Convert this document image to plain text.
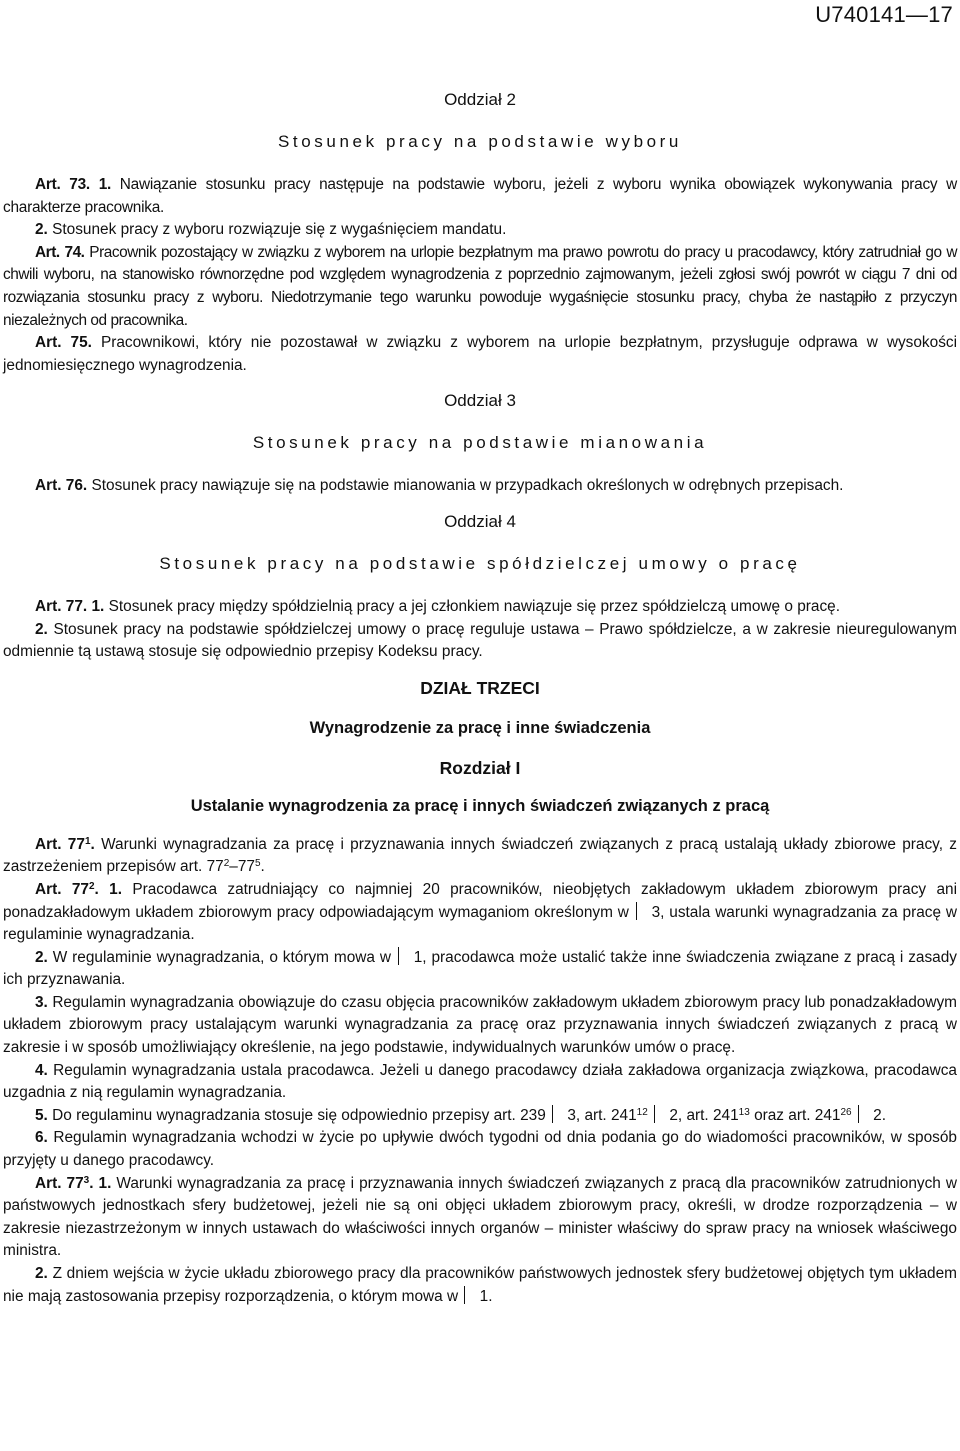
U740141—17

Oddział 2

Stosunek pracy na podstawie wyboru

Art. 73. 1. Nawiązanie stosunku pracy następuje na podstawie wyboru, jeżeli z wyboru wynika obowiązek wykonywania pracy w charakterze pracownika.

2. Stosunek pracy z wyboru rozwiązuje się z wygaśnięciem mandatu.

Art. 74. Pracownik pozostający w związku z wyborem na urlopie bezpłatnym ma prawo powrotu do pracy u pracodawcy, który zatrudniał go w chwili wyboru, na stanowisko równorzędne pod względem wynagrodzenia z poprzednio zajmowanym, jeżeli zgłosi swój powrót w ciągu 7 dni od rozwiązania stosunku pracy z wyboru. Niedotrzymanie tego warunku powoduje wygaśnięcie stosunku pracy, chyba że nastąpiło z przyczyn niezależnych od pracownika.

Art. 75. Pracownikowi, który nie pozostawał w związku z wyborem na urlopie bezpłatnym, przysługuje odprawa w wysokości jednomiesięcznego wynagrodzenia.

Oddział 3

Stosunek pracy na podstawie mianowania

Art. 76. Stosunek pracy nawiązuje się na podstawie mianowania w przypadkach określonych w odrębnych przepisach.

Oddział 4

Stosunek pracy na podstawie spółdzielczej umowy o pracę

Art. 77. 1. Stosunek pracy między spółdzielnią pracy a jej członkiem nawiązuje się przez spółdzielczą umowę o pracę.

2. Stosunek pracy na podstawie spółdzielczej umowy o pracę reguluje ustawa – Prawo spółdzielcze, a w zakresie nieuregulowanym odmiennie tą ustawą stosuje się odpowiednio przepisy Kodeksu pracy.

DZIAŁ TRZECI

Wynagrodzenie za pracę i inne świadczenia

Rozdział I

Ustalanie wynagrodzenia za pracę i innych świadczeń związanych z pracą

Art. $77^1$. Warunki wynagradzania za pracę i przyznawania innych świadczeń związanych z pracą ustalają układy zbiorowe pracy, z zastrzeżeniem przepisów art. $77^2-77^5$.

Art. $77^2$. 1. Pracodawca zatrudniający co najmniej 20 pracowników, nieobjętych zakładowym układem zbiorowym pracy ani ponadzakładowym układem zbiorowym pracy odpowiadającym wymaganiom określonym w 3, ustala warunki wynagradzania za pracę w regulaminie wynagradzania.

2. W regulaminie wynagradzania, o którym mowa w 1, pracodawca może ustalić także inne świadczenia związane z pracą i zasady ich przyznawania.

3. Regulamin wynagradzania obowiązuje do czasu objęcia pracowników zakładowym układem zbiorowym pracy lub ponadzakładowym układem zbiorowym pracy ustalającym warunki wynagradzania za pracę oraz przyznawania innych świadczeń związanych z pracą w zakresie i w sposób umożliwiający określenie, na jego podstawie, indywidualnych warunków umów o pracę.

4. Regulamin wynagradzania ustala pracodawca. Jeżeli u danego pracodawcy działa zakładowa organizacja związkowa, pracodawca uzgadnia z nią regulamin wynagradzania.

5. Do regulaminu wynagradzania stosuje się odpowiednio przepisy art. 239 3, art. $241^{12}$ 2, art. $241^{13}$ oraz art. $241^{26}$ 2.

6. Regulamin wynagradzania wchodzi w życie po upływie dwóch tygodni od dnia podania go do wiadomości pracowników, w sposób przyjęty u danego pracodawcy.

Art. $77^3$. 1. Warunki wynagradzania za pracę i przyznawania innych świadczeń związanych z pracą dla pracowników zatrudnionych w państwowych jednostkach sfery budżetowej, jeżeli nie są oni objęci układem zbiorowym pracy, określi, w drodze rozporządzenia – w zakresie niezastrzeżonym w innych ustawach do właściwości innych organów – minister właściwy do spraw pracy na wniosek właściwego ministra.

2. Z dniem wejścia w życie układu zbiorowego pracy dla pracowników państwowych jednostek sfery budżetowej objętych tym układem nie mają zastosowania przepisy rozporządzenia, o którym mowa w 1.
